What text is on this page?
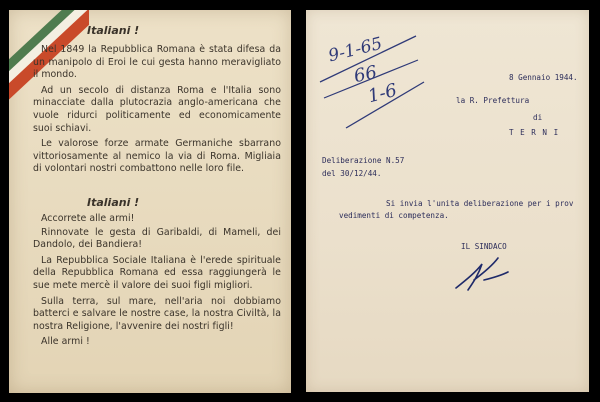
Italiani !

Nel 1849 la Repubblica Romana è stata difesa da un manipolo di Eroi le cui gesta hanno meravigliato il mondo.

Ad un secolo di distanza Roma e l'Italia sono minacciate dalla plutocrazia anglo-americana che vuole ridurci politicamente ed economicamente suoi schiavi.

Le valorose forze armate Germaniche sbarrano vittoriosamente al nemico la via di Roma. Migliaia di volontari nostri combattono nelle loro file.

Italiani !

Accorrete alle armi!

Rinnovate le gesta di Garibaldi, di Mameli, dei Dandolo, dei Bandiera!

La Repubblica Sociale Italiana è l'erede spirituale della Repubblica Romana ed essa raggiungerà le sue mete mercè il valore dei suoi figli migliori.

Sulla terra, sul mare, nell'aria noi dobbiamo batterci e salvare le nostre case, la nostra Civiltà, la nostra Religione, l'avvenire dei nostri figli!

Alle armi !

9-1-65
66
1-6
8 Gennaio 1944.
la R. Prefettura
di
T E R N I
Deliberazione N.57
del 30/12/44.
Si invia l'unita deliberazione per i prov
vedimenti di competenza.
IL SINDACO
